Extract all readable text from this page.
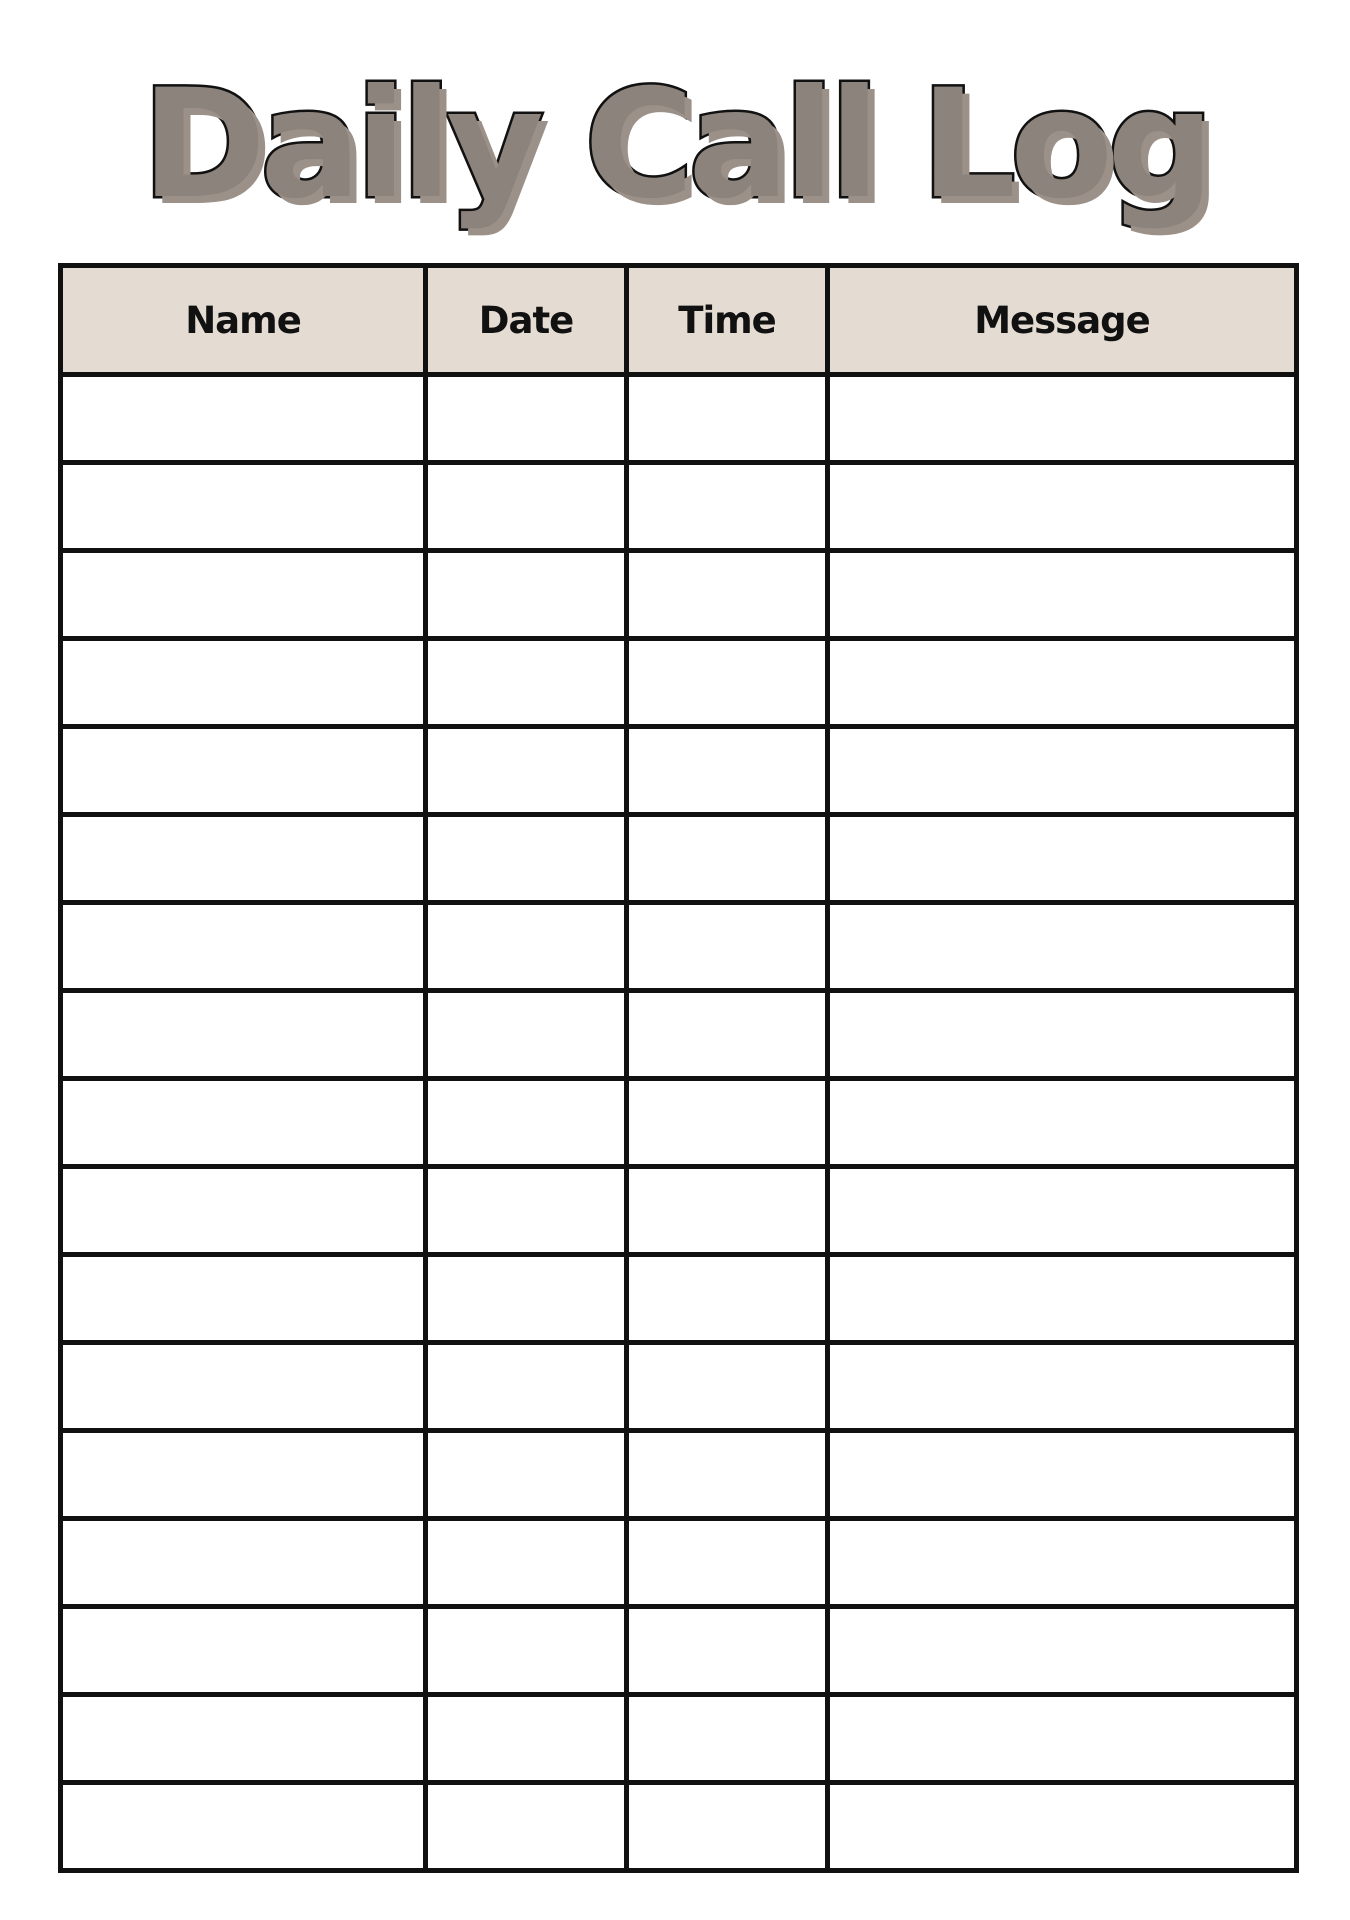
Daily Call Log
Name	Date	Time	Message
